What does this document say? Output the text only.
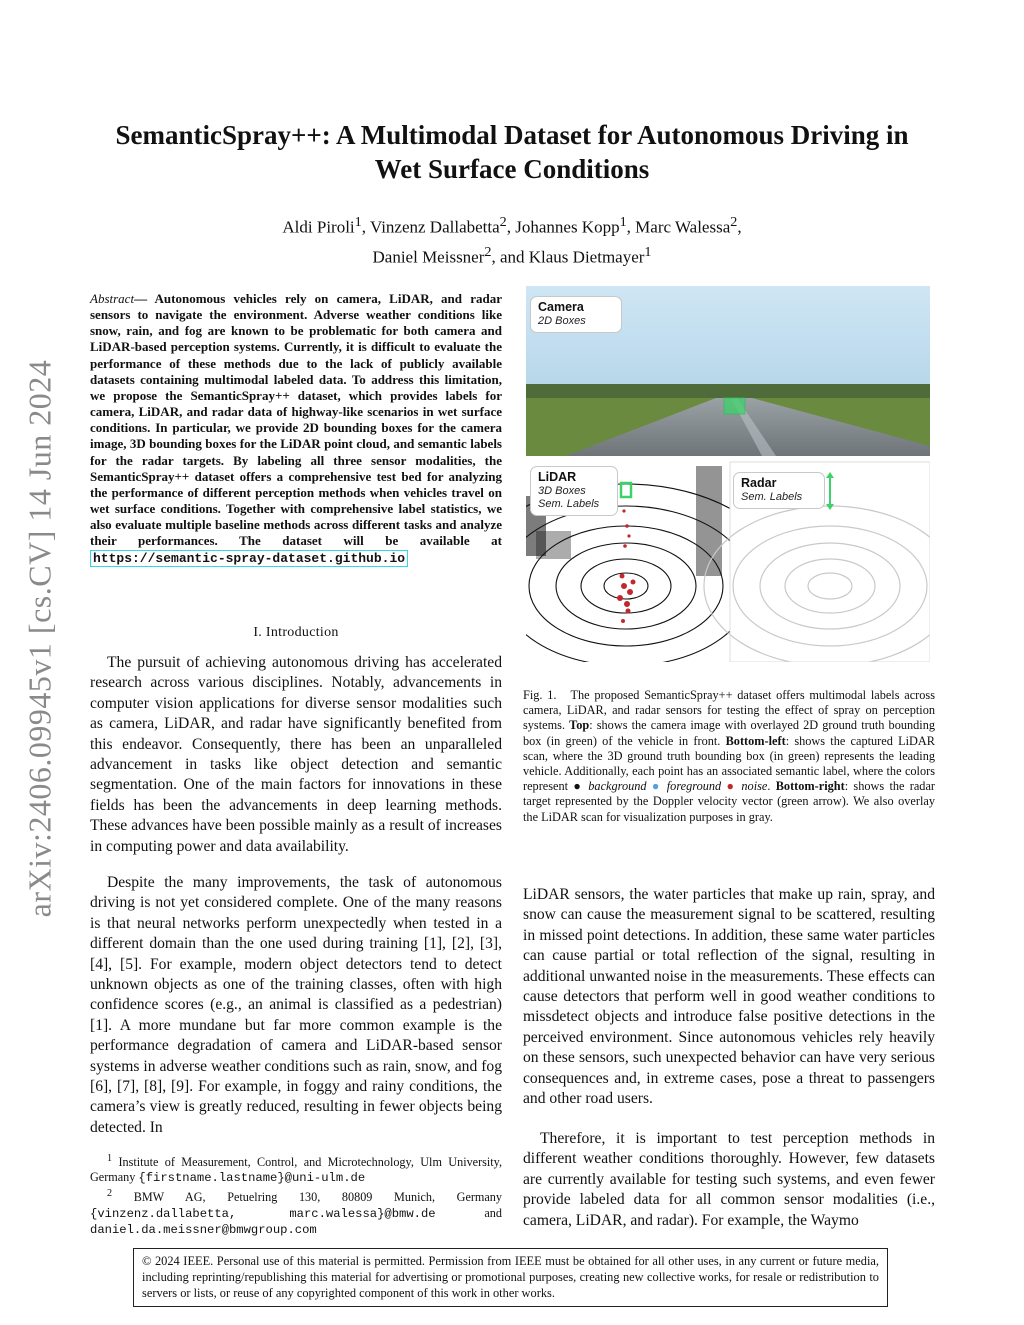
arXiv:2406.09945v1 [cs.CV] 14 Jun 2024
SemanticSpray++: A Multimodal Dataset for Autonomous Driving in
Wet Surface Conditions
Aldi Piroli$^1$, Vinzenz Dallabetta$^2$, Johannes Kopp$^1$, Marc Walessa$^2$,
Daniel Meissner$^2$, and Klaus Dietmayer$^1$
Abstract— Autonomous vehicles rely on camera, LiDAR, and radar sensors to navigate the environment. Adverse weather conditions like snow, rain, and fog are known to be problematic for both camera and LiDAR-based perception systems. Currently, it is difficult to evaluate the performance of these methods due to the lack of publicly available datasets containing multimodal labeled data. To address this limitation, we propose the SemanticSpray++ dataset, which provides labels for camera, LiDAR, and radar data of highway-like scenarios in wet surface conditions. In particular, we provide 2D bounding boxes for the camera image, 3D bounding boxes for the LiDAR point cloud, and semantic labels for the radar targets. By labeling all three sensor modalities, the SemanticSpray++ dataset offers a comprehensive test bed for analyzing the performance of different perception methods when vehicles travel on wet surface conditions. Together with comprehensive label statistics, we also evaluate multiple baseline methods across different tasks and analyze their performances. The dataset will be available at https://semantic-spray-dataset.github.io
I. Introduction
The pursuit of achieving autonomous driving has accelerated research across various disciplines. Notably, advancements in computer vision applications for diverse sensor modalities such as camera, LiDAR, and radar have significantly benefited from this endeavor. Consequently, there has been an unparalleled advancement in tasks like object detection and semantic segmentation. One of the main factors for innovations in these fields has been the advancements in deep learning methods. These advances have been possible mainly as a result of increases in computing power and data availability.
Despite the many improvements, the task of autonomous driving is not yet considered complete. One of the many reasons is that neural networks perform unexpectedly when tested in a different domain than the one used during training [1], [2], [3], [4], [5]. For example, modern object detectors tend to detect unknown objects as one of the training classes, often with high confidence scores (e.g., an animal is classified as a pedestrian) [1]. A more mundane but far more common example is the performance degradation of camera and LiDAR-based sensor systems in adverse weather conditions such as rain, snow, and fog [6], [7], [8], [9]. For example, in foggy and rainy conditions, the camera’s view is greatly reduced, resulting in fewer objects being detected. In
$^1$ Institute of Measurement, Control, and Microtechnology, Ulm University, Germany {firstname.lastname}@uni-ulm.de
$^2$ BMW AG, Petuelring 130, 80809 Munich, Germany {vinzenz.dallabetta, marc.walessa}@bmw.de and daniel.da.meissner@bmwgroup.com
Camera
2D Boxes
LiDAR
3D Boxes
Sem. Labels
Radar
Sem. Labels
Fig. 1. The proposed SemanticSpray++ dataset offers multimodal labels across camera, LiDAR, and radar sensors for testing the effect of spray on perception systems. Top: shows the camera image with overlayed 2D ground truth bounding box (in green) of the vehicle in front. Bottom-left: shows the captured LiDAR scan, where the 3D ground truth bounding box (in green) represents the leading vehicle. Additionally, each point has an associated semantic label, where the colors represent ● background ● foreground ● noise. Bottom-right: shows the radar target represented by the Doppler velocity vector (green arrow). We also overlay the LiDAR scan for visualization purposes in gray.
LiDAR sensors, the water particles that make up rain, spray, and snow can cause the measurement signal to be scattered, resulting in missed point detections. In addition, these same water particles can cause partial or total reflection of the signal, resulting in additional unwanted noise in the measurements. These effects can cause detectors that perform well in good weather conditions to missdetect objects and introduce false positive detections in the perceived environment. Since autonomous vehicles rely heavily on these sensors, such unexpected behavior can have very serious consequences and, in extreme cases, pose a threat to passengers and other road users.
Therefore, it is important to test perception methods in different weather conditions thoroughly. However, few datasets are currently available for testing such systems, and even fewer provide labeled data for all common sensor modalities (i.e., camera, LiDAR, and radar). For example, the Waymo
© 2024 IEEE. Personal use of this material is permitted. Permission from IEEE must be obtained for all other uses, in any current or future media, including reprinting/republishing this material for advertising or promotional purposes, creating new collective works, for resale or redistribution to servers or lists, or reuse of any copyrighted component of this work in other works.
